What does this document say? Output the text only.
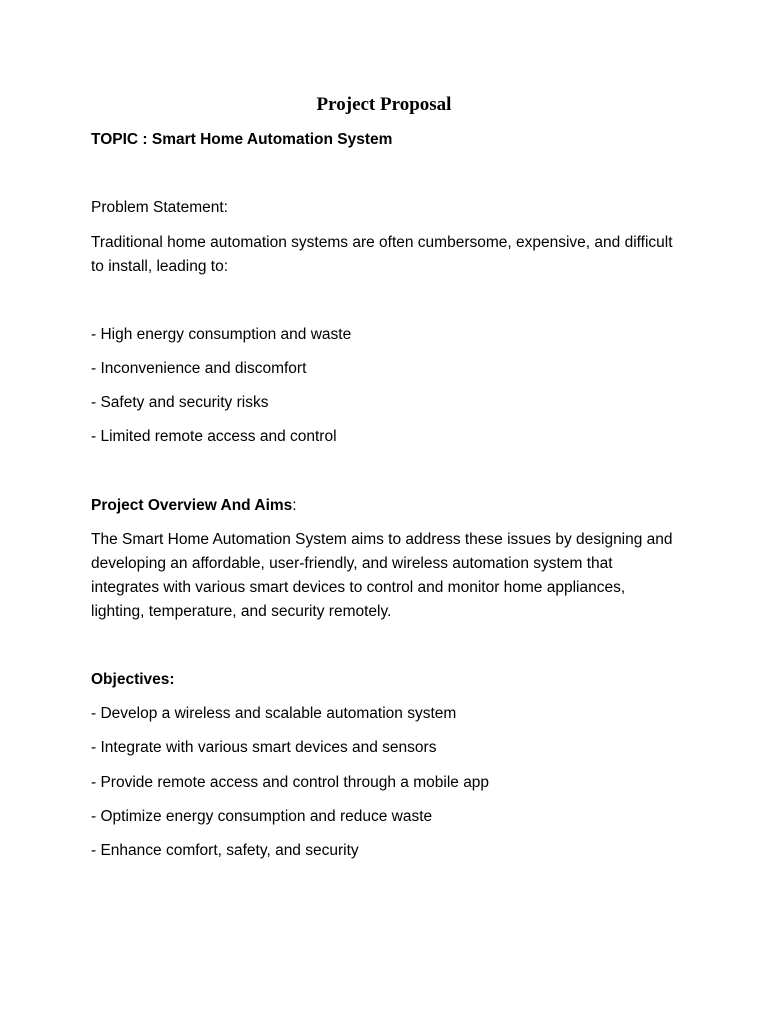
Project Proposal
TOPIC : Smart Home Automation System
Problem Statement:
Traditional home automation systems are often cumbersome, expensive, and difficult to install, leading to:
- High energy consumption and waste
- Inconvenience and discomfort
- Safety and security risks
- Limited remote access and control
Project Overview And Aims:
The Smart Home Automation System aims to address these issues by designing and developing an affordable, user-friendly, and wireless automation system that integrates with various smart devices to control and monitor home appliances, lighting, temperature, and security remotely.
Objectives:
- Develop a wireless and scalable automation system
- Integrate with various smart devices and sensors
- Provide remote access and control through a mobile app
- Optimize energy consumption and reduce waste
- Enhance comfort, safety, and security
